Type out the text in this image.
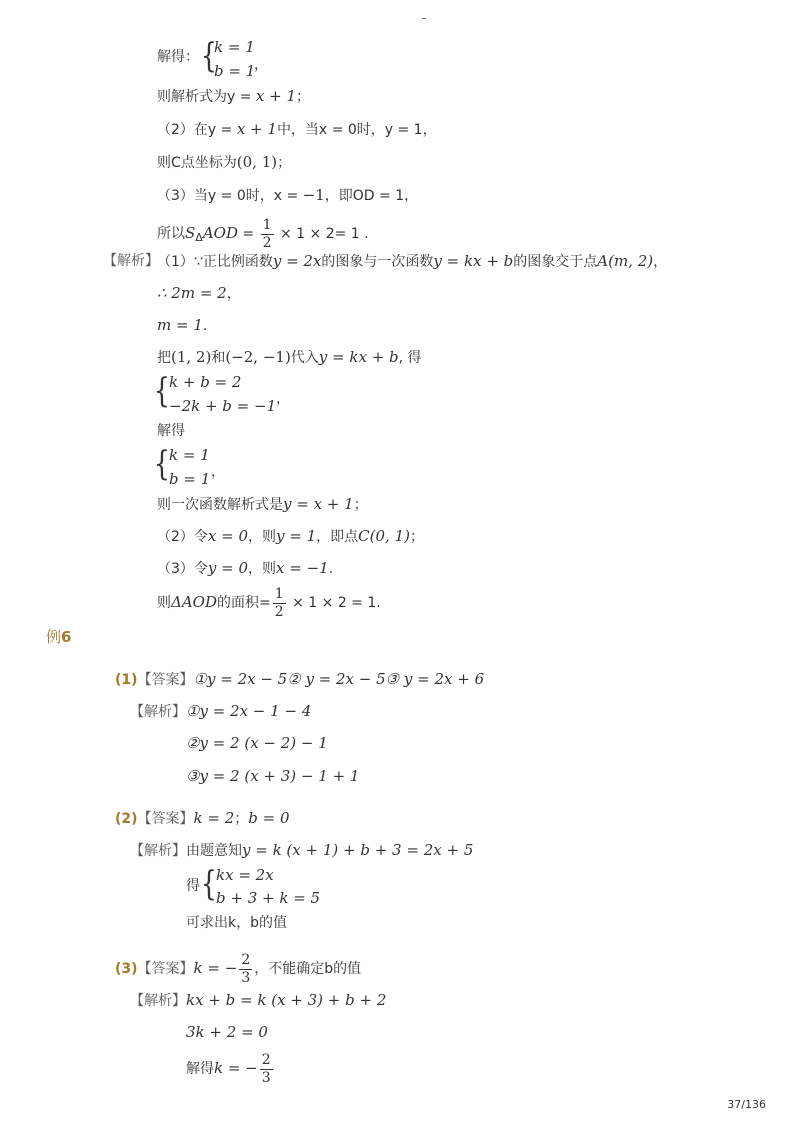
解得： {
k = 1
b = 1
，
则解析式为y = x + 1；
（2）在y = x + 1中，当x = 0时，y = 1，
则C点坐标为(0, 1)；
（3）当y = 0时，x = −1，即OD = 1，
所以$S_\Delta AOD = \frac{1}{2} \times 1 \times 2= 1$ .
【解析】
（1）∵正比例函数y = 2x的图象与一次函数y = kx + b的图象交于点A(m, 2)，
∴ 2m = 2，
m = 1.
把(1, 2)和(−2, −1)代入y = kx + b, 得
{ k + b = 2
−2k + b = −1 ，
解得
{ k = 1
b = 1 ，
则一次函数解析式是y = x + 1；
（2）令x = 0，则y = 1，即点C(0, 1)；
（3）令y = 0，则x = −1.
则ΔAOD的面积= $\frac{1}{2} \times 1 \times 2 = 1$.
例6
(1)【答案】①y = 2x − 5② y = 2x − 5③ y = 2x + 6
【解析】①y = 2x − 1 − 4
②y = 2 (x − 2) − 1
③y = 2 (x + 3) − 1 + 1
(2)【答案】k = 2；b = 0
【解析】由题意知y = k (x + 1) + b + 3 = 2x + 5
得 { kx = 2x
b + 3 + k = 5
可求出k，b的值
(3)【答案】k = − $\frac{2}{3}$ ，不能确定b的值
【解析】kx + b = k (x + 3) + b + 2
3k + 2 = 0
解得k = − $\frac{2}{3}$
37/136
